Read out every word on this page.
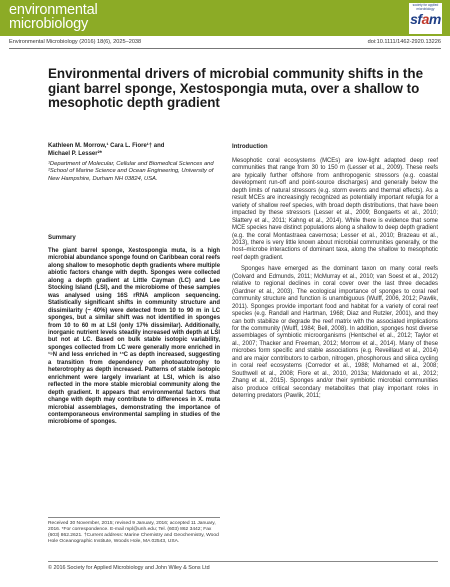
environmental
microbiology
society for applied microbiology
sfam
Environmental Microbiology (2016) 18(6), 2025–2038	doi:10.1111/1462-2920.13226
Environmental drivers of microbial community shifts in the giant barrel sponge, Xestospongia muta, over a shallow to mesophotic depth gradient
Kathleen M. Morrow,¹ Cara L. Fiore¹† and
Michael P. Lesser²*

¹Department of Molecular, Cellular and Biomedical Sciences and

²School of Marine Science and Ocean Engineering, University of New Hampshire, Durham NH 03824, USA.

Summary

The giant barrel sponge, Xestospongia muta, is a high microbial abundance sponge found on Caribbean coral reefs along shallow to mesophotic depth gradients where multiple abiotic factors change with depth. Sponges were collected along a depth gradient at Little Cayman (LC) and Lee Stocking Island (LSI), and the microbiome of these samples was analysed using 16S rRNA amplicon sequencing. Statistically significant shifts in community structure and dissimilarity (~ 40%) were detected from 10 to 90 m in LC sponges, but a similar shift was not identified in sponges from 10 to 60 m at LSI (only 17% dissimilar). Additionally, inorganic nutrient levels steadily increased with depth at LSI but not at LC. Based on bulk stable isotopic variability, sponges collected from LC were generally more enriched in ¹⁵N and less enriched in ¹³C as depth increased, suggesting a transition from dependency on photoautotrophy to heterotrophy as depth increased. Patterns of stable isotopic enrichment were largely invariant at LSI, which is also reflected in the more stable microbial community along the depth gradient. It appears that environmental factors that change with depth may contribute to differences in X. muta microbial assemblages, demonstrating the importance of contemporaneous environmental sampling in studies of the microbiome of sponges.

Received 30 November, 2015; revised 9 January, 2016; accepted 11 January, 2016. *For correspondence. E-mail mpl@unh.edu; Tel. (603) 862 3442; Fax (603) 862.2621. †Current address: Marine Chemistry and Geochemistry, Wood Hole Oceanographic Institute, Woods Hole, MA 02543, USA.

Introduction

Mesophotic coral ecosystems (MCEs) are low-light adapted deep reef communities that range from 30 to 150 m (Lesser et al., 2009). These reefs are typically further offshore from anthropogenic stressors (e.g. coastal development run-off and point-source discharges) and generally below the depth limits of natural stressors (e.g. storm events and thermal effects). As a result MCEs are increasingly recognized as potentially important refugia for a variety of shallow reef species, with broad depth distributions, that have been impacted by these stressors (Lesser et al., 2009; Bongaerts et al., 2010; Slattery et al., 2011; Kahng et al., 2014). While there is evidence that some MCE species have distinct populations along a shallow to deep depth gradient (e.g. the coral Montastraea cavernosa; Lesser et al., 2010; Brazeau et al., 2013), there is very little known about microbial communities generally, or the host–microbe interactions of dominant taxa, along the shallow to mesophotic reef depth gradient.

Sponges have emerged as the dominant taxon on many coral reefs (Colvard and Edmunds, 2011; McMurray et al., 2010; van Soest et al., 2012) relative to regional declines in coral cover over the last three decades (Gardner et al., 2003). The ecological importance of sponges to coral reef community structure and function is unambiguous (Wulff, 2006, 2012; Pawlik, 2011). Sponges provide important food and habitat for a variety of coral reef species (e.g. Randall and Hartman, 1968; Diaz and Rutzler, 2001), and they can both stabilize or degrade the reef matrix with the associated implications for the community (Wulff, 1984; Bell, 2008). In addition, sponges host diverse assemblages of symbiotic microorganisms (Hentschel et al., 2012; Taylor et al., 2007; Thacker and Freeman, 2012; Morrow et al., 2014). Many of these microbes form specific and stable associations (e.g. Reveillaud et al., 2014) and are major contributors to carbon, nitrogen, phosphorous and silica cycling in coral reef ecosystems (Corredor et al., 1988; Mohamed et al., 2008; Southwell et al., 2008; Fiore et al., 2010, 2013a; Maldonado et al., 2012; Zhang et al., 2015). Sponges and/or their symbiotic microbial communities also produce critical secondary metabolites that play important roles in deterring predators (Pawlik, 2011;

© 2016 Society for Applied Microbiology and John Wiley & Sons Ltd
